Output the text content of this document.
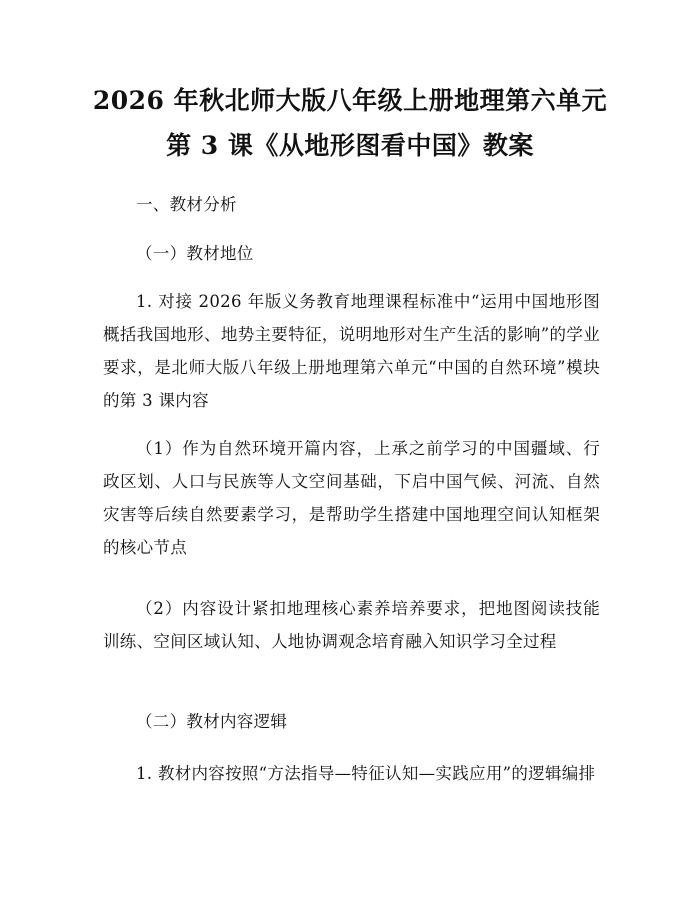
2026 年秋北师大版八年级上册地理第六单元
第 3 课《从地形图看中国》教案
一、教材分析
（一）教材地位
1. 对接 2026 年版义务教育地理课程标准中“运用中国地形图概括我国地形、地势主要特征，说明地形对生产生活的影响”的学业要求，是北师大版八年级上册地理第六单元“中国的自然环境”模块的第 3 课内容
（1）作为自然环境开篇内容，上承之前学习的中国疆域、行政区划、人口与民族等人文空间基础，下启中国气候、河流、自然灾害等后续自然要素学习，是帮助学生搭建中国地理空间认知框架的核心节点
（2）内容设计紧扣地理核心素养培养要求，把地图阅读技能训练、空间区域认知、人地协调观念培育融入知识学习全过程
（二）教材内容逻辑
1. 教材内容按照“方法指导—特征认知—实践应用”的逻辑编排
